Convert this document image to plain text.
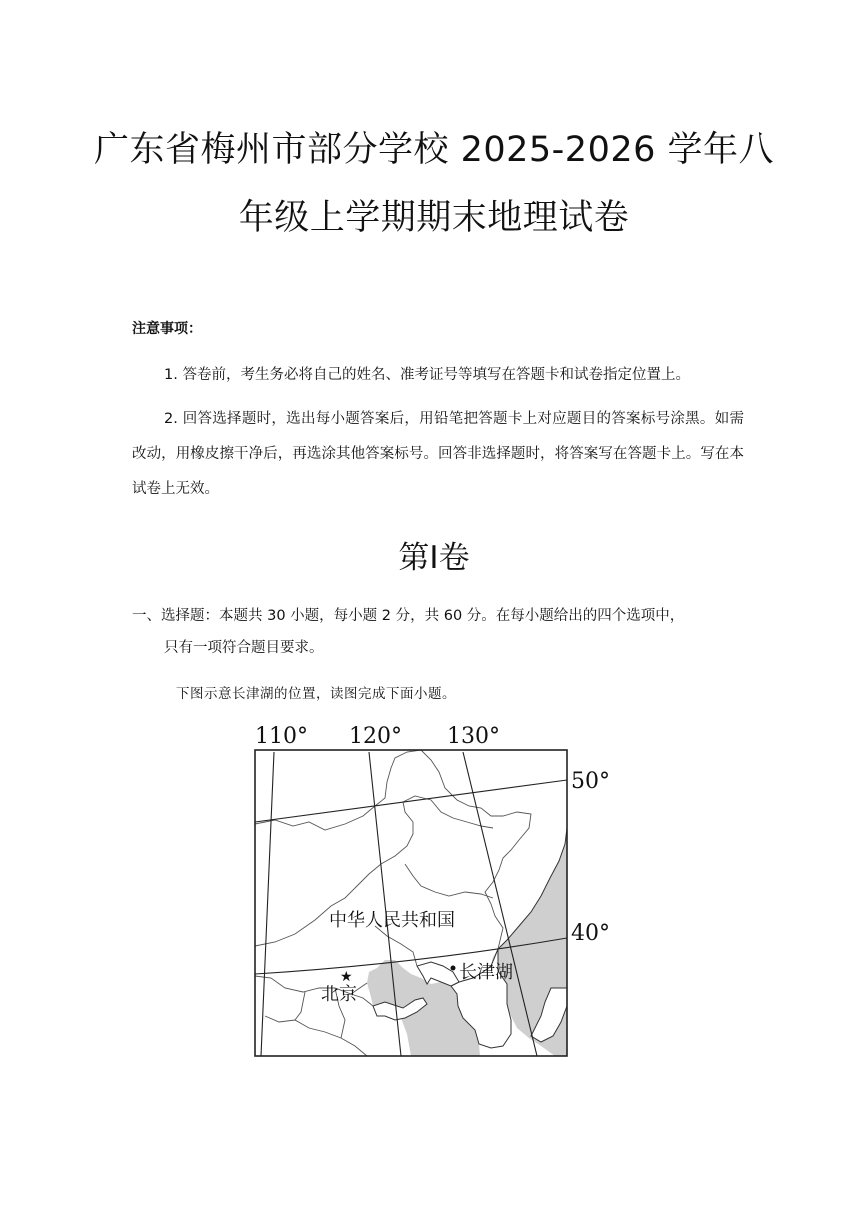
广东省梅州市部分学校 2025-2026 学年八
年级上学期期末地理试卷
注意事项：
1. 答卷前，考生务必将自己的姓名、准考证号等填写在答题卡和试卷指定位置上。
2. 回答选择题时，选出每小题答案后，用铅笔把答题卡上对应题目的答案标号涂黑。如需改动，用橡皮擦干净后，再选涂其他答案标号。回答非选择题时，将答案写在答题卡上。写在本试卷上无效。
第Ⅰ卷
一、选择题：本题共 30 小题，每小题 2 分，共 60 分。在每小题给出的四个选项中，
只有一项符合题目要求。
下图示意长津湖的位置，读图完成下面小题。
110° 120° 130°
50°
40°
中华人民共和国
★
北京
长津湖
